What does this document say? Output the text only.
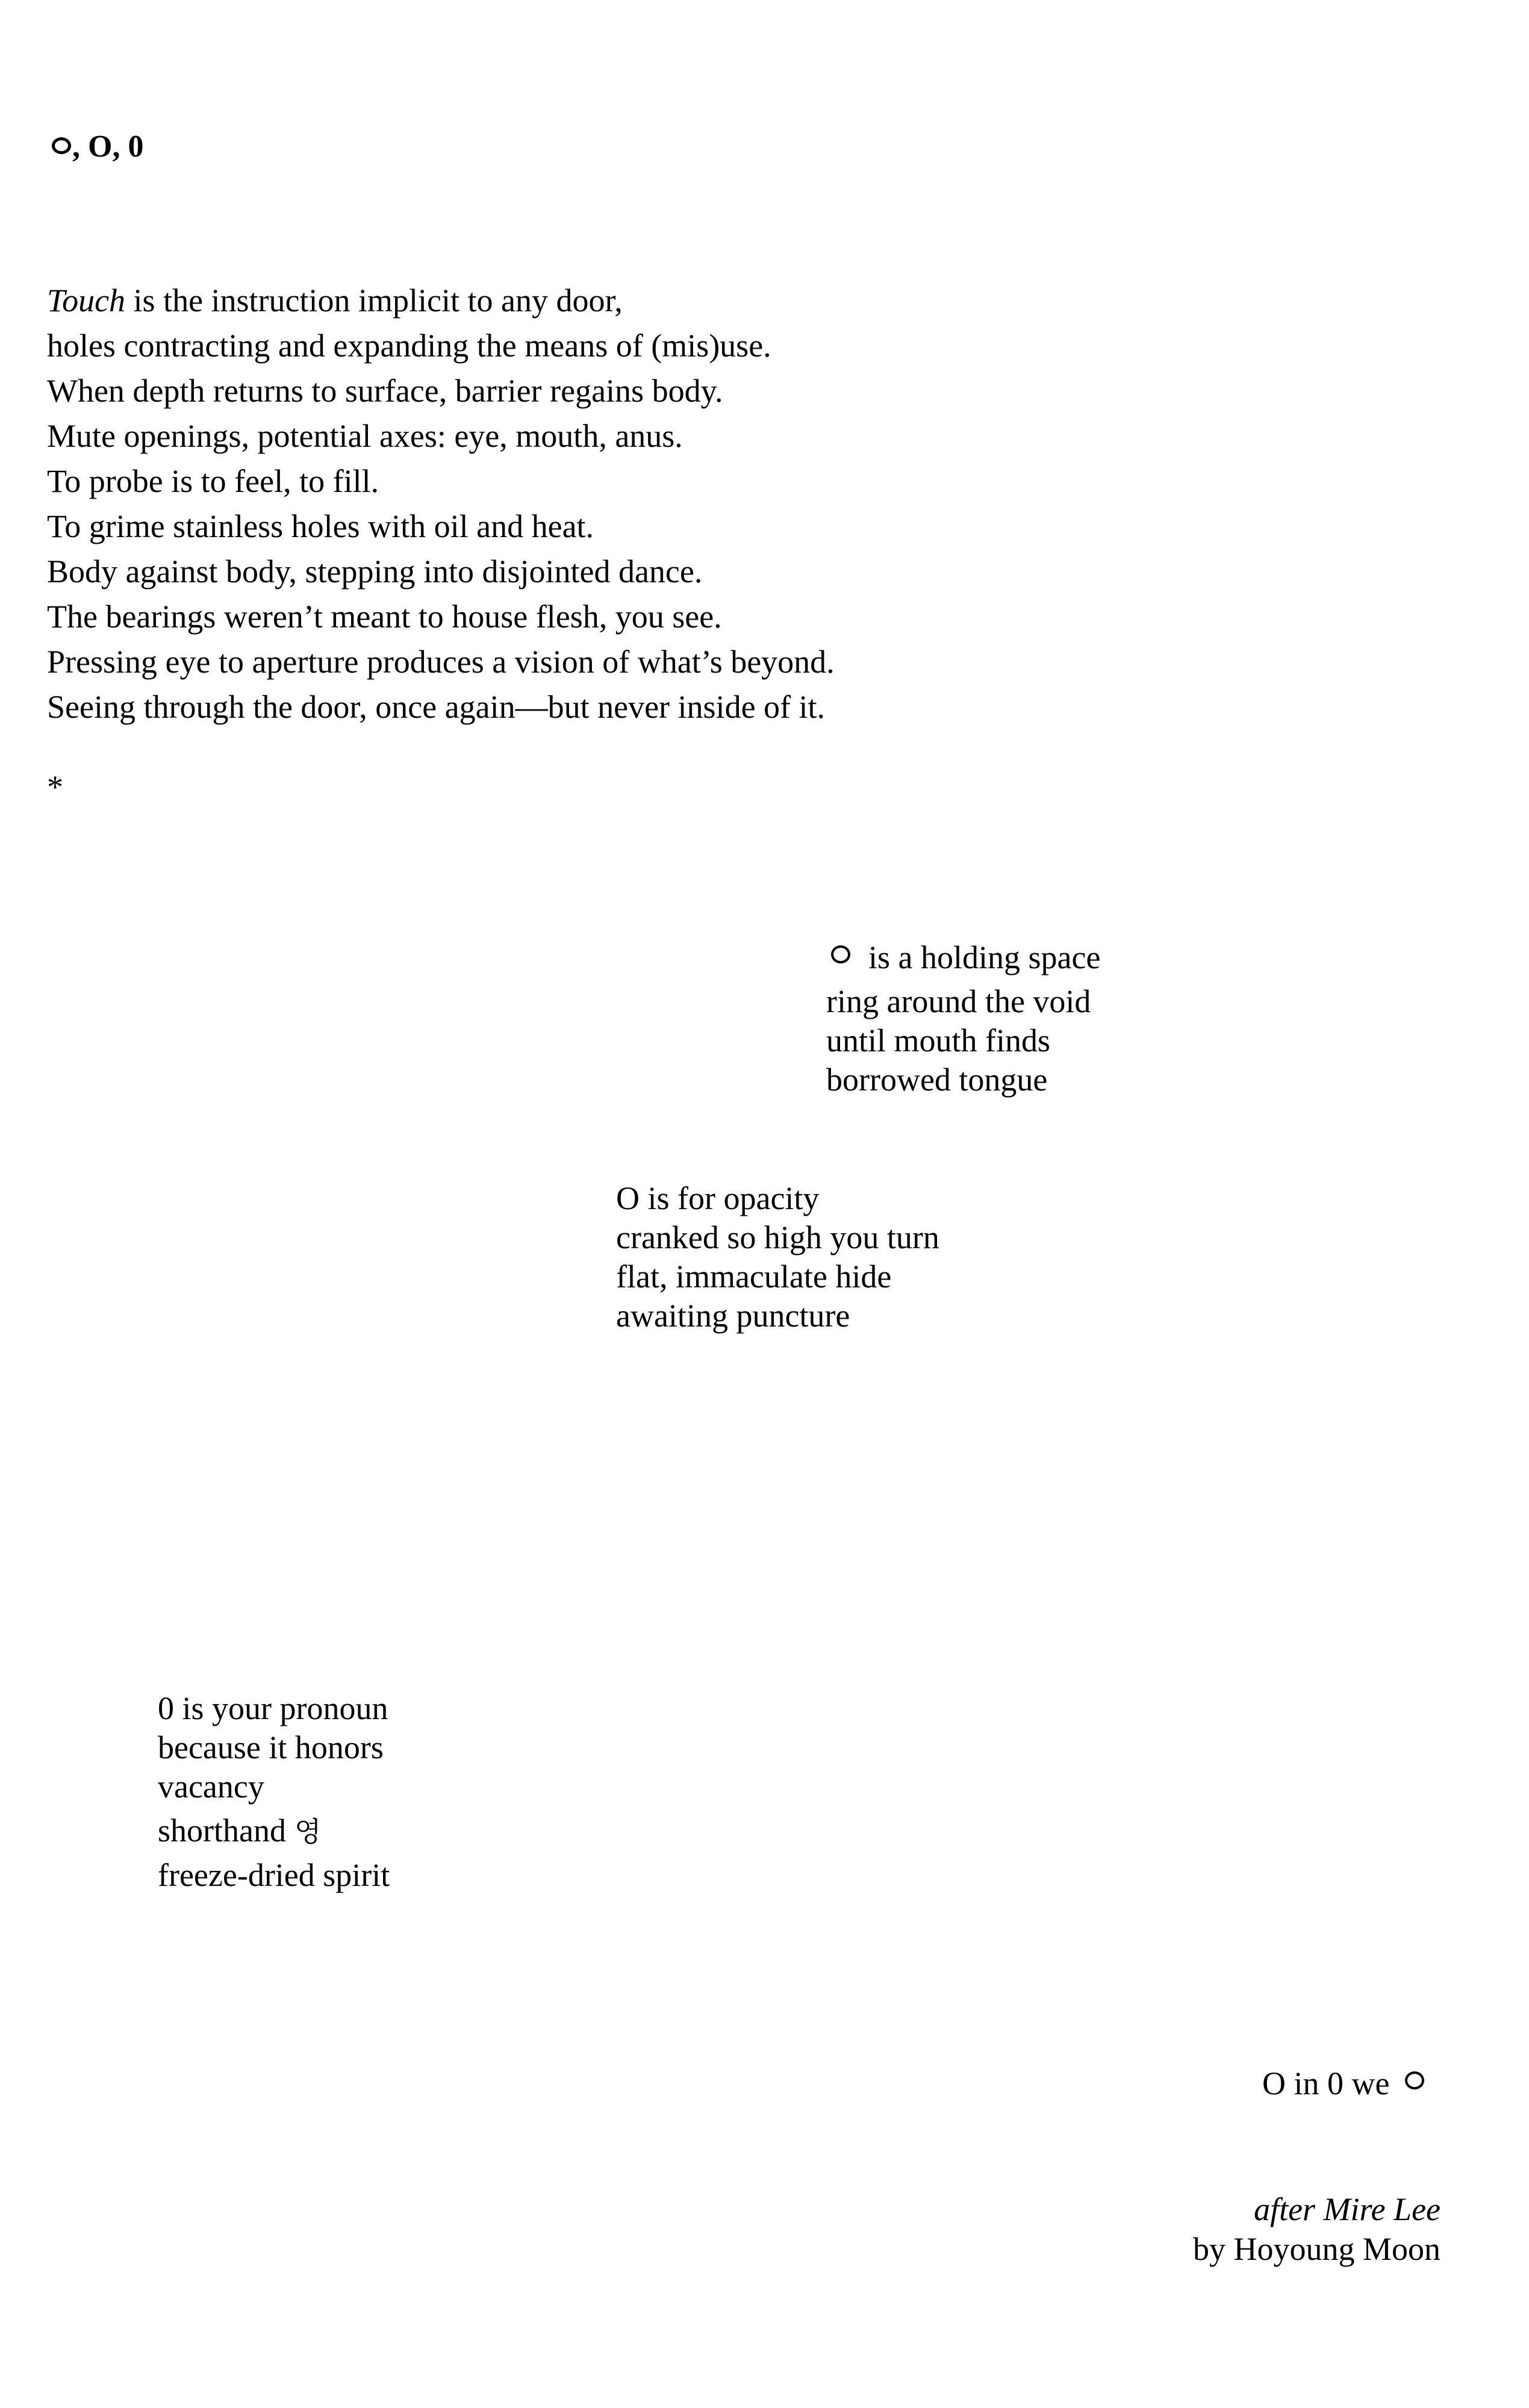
, O, 0
Touch is the instruction implicit to any door,
holes contracting and expanding the means of (mis)use.
When depth returns to surface, barrier regains body.
Mute openings, potential axes: eye, mouth, anus.
To probe is to feel, to fill.
To grime stainless holes with oil and heat.
Body against body, stepping into disjointed dance.
The bearings weren’t meant to house flesh, you see.
Pressing eye to aperture produces a vision of what’s beyond.
Seeing through the door, once again—but never inside of it.
*
is a holding space
ring around the void
until mouth finds
borrowed tongue
O is for opacity
cranked so high you turn
flat, immaculate hide
awaiting puncture
0 is your pronoun
because it honors
vacancy
shorthand 영
freeze-dried spirit
O in 0 we
after Mire Lee
by Hoyoung Moon
